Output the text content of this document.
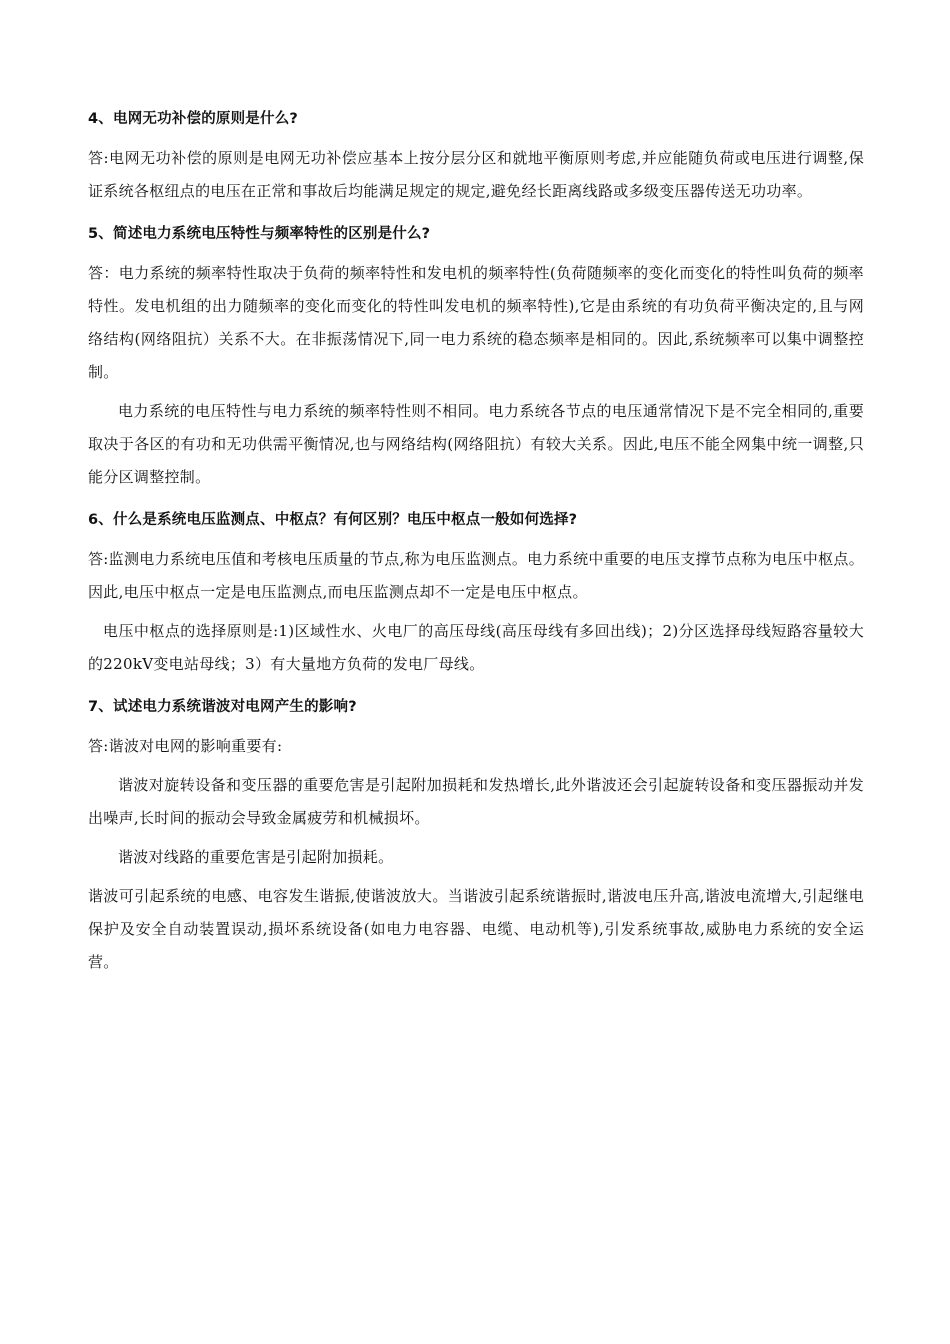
4、电网无功补偿的原则是什么?

答:电网无功补偿的原则是电网无功补偿应基本上按分层分区和就地平衡原则考虑,并应能随负荷或电压进行调整,保证系统各枢纽点的电压在正常和事故后均能满足规定的规定,避免经长距离线路或多级变压器传送无功功率。

5、简述电力系统电压特性与频率特性的区别是什么?

答：电力系统的频率特性取决于负荷的频率特性和发电机的频率特性(负荷随频率的变化而变化的特性叫负荷的频率特性。发电机组的出力随频率的变化而变化的特性叫发电机的频率特性),它是由系统的有功负荷平衡决定的,且与网络结构(网络阻抗）关系不大。在非振荡情况下,同一电力系统的稳态频率是相同的。因此,系统频率可以集中调整控制。

电力系统的电压特性与电力系统的频率特性则不相同。电力系统各节点的电压通常情况下是不完全相同的,重要取决于各区的有功和无功供需平衡情况,也与网络结构(网络阻抗）有较大关系。因此,电压不能全网集中统一调整,只能分区调整控制。

6、什么是系统电压监测点、中枢点？有何区别？电压中枢点一般如何选择?

答:监测电力系统电压值和考核电压质量的节点,称为电压监测点。电力系统中重要的电压支撑节点称为电压中枢点。因此,电压中枢点一定是电压监测点,而电压监测点却不一定是电压中枢点。

电压中枢点的选择原则是:1)区域性水、火电厂的高压母线(高压母线有多回出线)；2)分区选择母线短路容量较大的220kV变电站母线；3）有大量地方负荷的发电厂母线。

7、试述电力系统谐波对电网产生的影响?

答:谐波对电网的影响重要有:

谐波对旋转设备和变压器的重要危害是引起附加损耗和发热增长,此外谐波还会引起旋转设备和变压器振动并发出噪声,长时间的振动会导致金属疲劳和机械损坏。

谐波对线路的重要危害是引起附加损耗。

谐波可引起系统的电感、电容发生谐振,使谐波放大。当谐波引起系统谐振时,谐波电压升高,谐波电流增大,引起继电保护及安全自动装置误动,损坏系统设备(如电力电容器、电缆、电动机等),引发系统事故,威胁电力系统的安全运营。
